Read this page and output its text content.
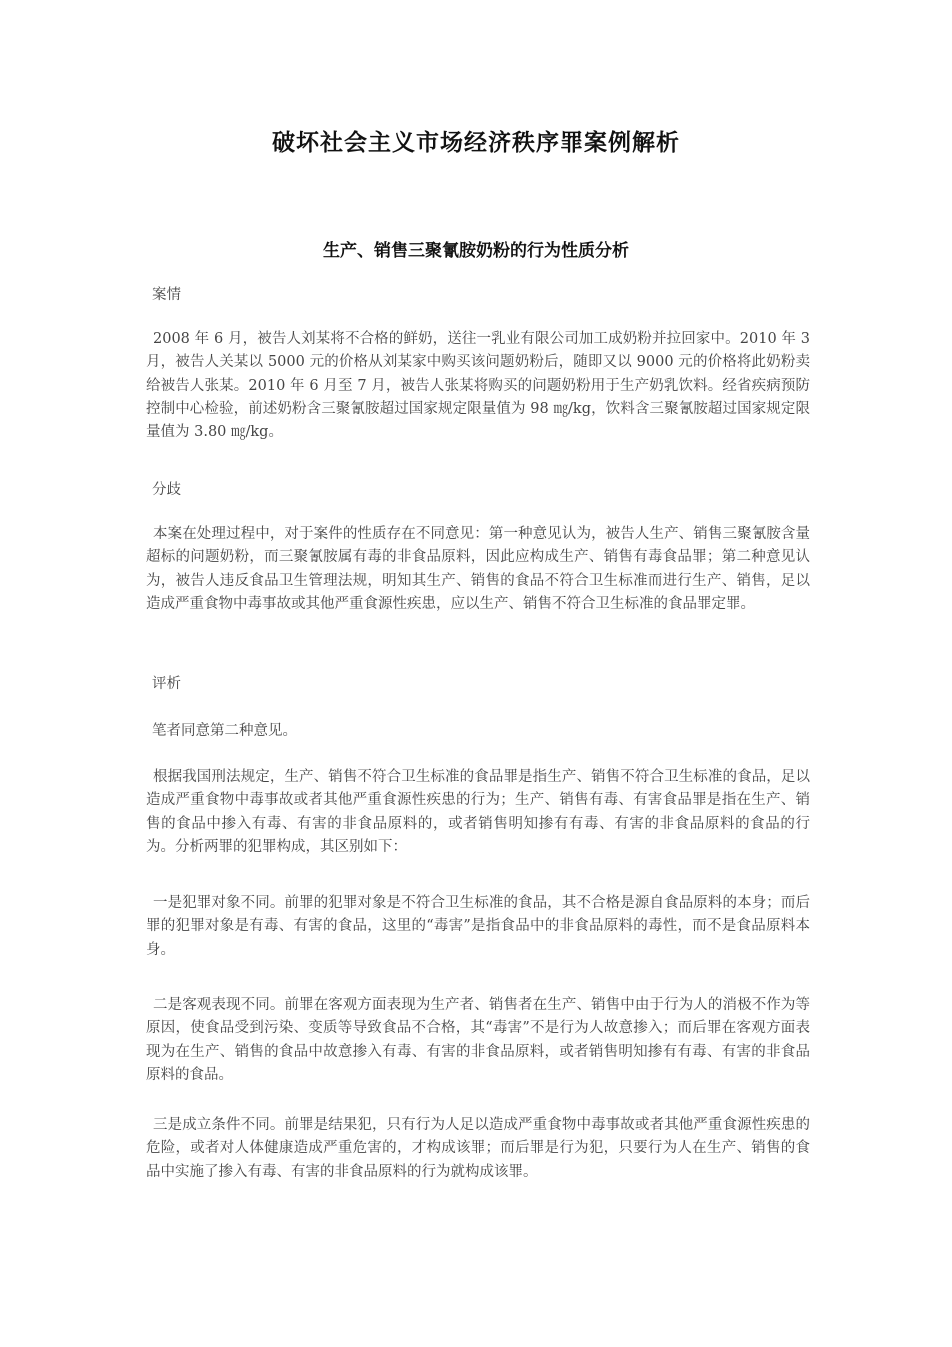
破坏社会主义市场经济秩序罪案例解析
生产、销售三聚氰胺奶粉的行为性质分析

案情

2008 年 6 月，被告人刘某将不合格的鲜奶，送往一乳业有限公司加工成奶粉并拉回家中。2010 年 3 月，被告人关某以 5000 元的价格从刘某家中购买该问题奶粉后，随即又以 9000 元的价格将此奶粉卖给被告人张某。2010 年 6 月至 7 月，被告人张某将购买的问题奶粉用于生产奶乳饮料。经省疾病预防控制中心检验，前述奶粉含三聚氰胺超过国家规定限量值为 98 ㎎/kg，饮料含三聚氰胺超过国家规定限量值为 3.80 ㎎/kg。

分歧

本案在处理过程中，对于案件的性质存在不同意见：第一种意见认为，被告人生产、销售三聚氰胺含量超标的问题奶粉，而三聚氰胺属有毒的非食品原料，因此应构成生产、销售有毒食品罪；第二种意见认为，被告人违反食品卫生管理法规，明知其生产、销售的食品不符合卫生标准而进行生产、销售，足以造成严重食物中毒事故或其他严重食源性疾患，应以生产、销售不符合卫生标准的食品罪定罪。

评析

笔者同意第二种意见。

根据我国刑法规定，生产、销售不符合卫生标准的食品罪是指生产、销售不符合卫生标准的食品，足以造成严重食物中毒事故或者其他严重食源性疾患的行为；生产、销售有毒、有害食品罪是指在生产、销售的食品中掺入有毒、有害的非食品原料的，或者销售明知掺有有毒、有害的非食品原料的食品的行为。分析两罪的犯罪构成，其区别如下：

一是犯罪对象不同。前罪的犯罪对象是不符合卫生标准的食品，其不合格是源自食品原料的本身；而后罪的犯罪对象是有毒、有害的食品，这里的“毒害”是指食品中的非食品原料的毒性，而不是食品原料本身。

二是客观表现不同。前罪在客观方面表现为生产者、销售者在生产、销售中由于行为人的消极不作为等原因，使食品受到污染、变质等导致食品不合格，其“毒害”不是行为人故意掺入；而后罪在客观方面表现为在生产、销售的食品中故意掺入有毒、有害的非食品原料，或者销售明知掺有有毒、有害的非食品原料的食品。

三是成立条件不同。前罪是结果犯，只有行为人足以造成严重食物中毒事故或者其他严重食源性疾患的危险，或者对人体健康造成严重危害的，才构成该罪；而后罪是行为犯，只要行为人在生产、销售的食品中实施了掺入有毒、有害的非食品原料的行为就构成该罪。
